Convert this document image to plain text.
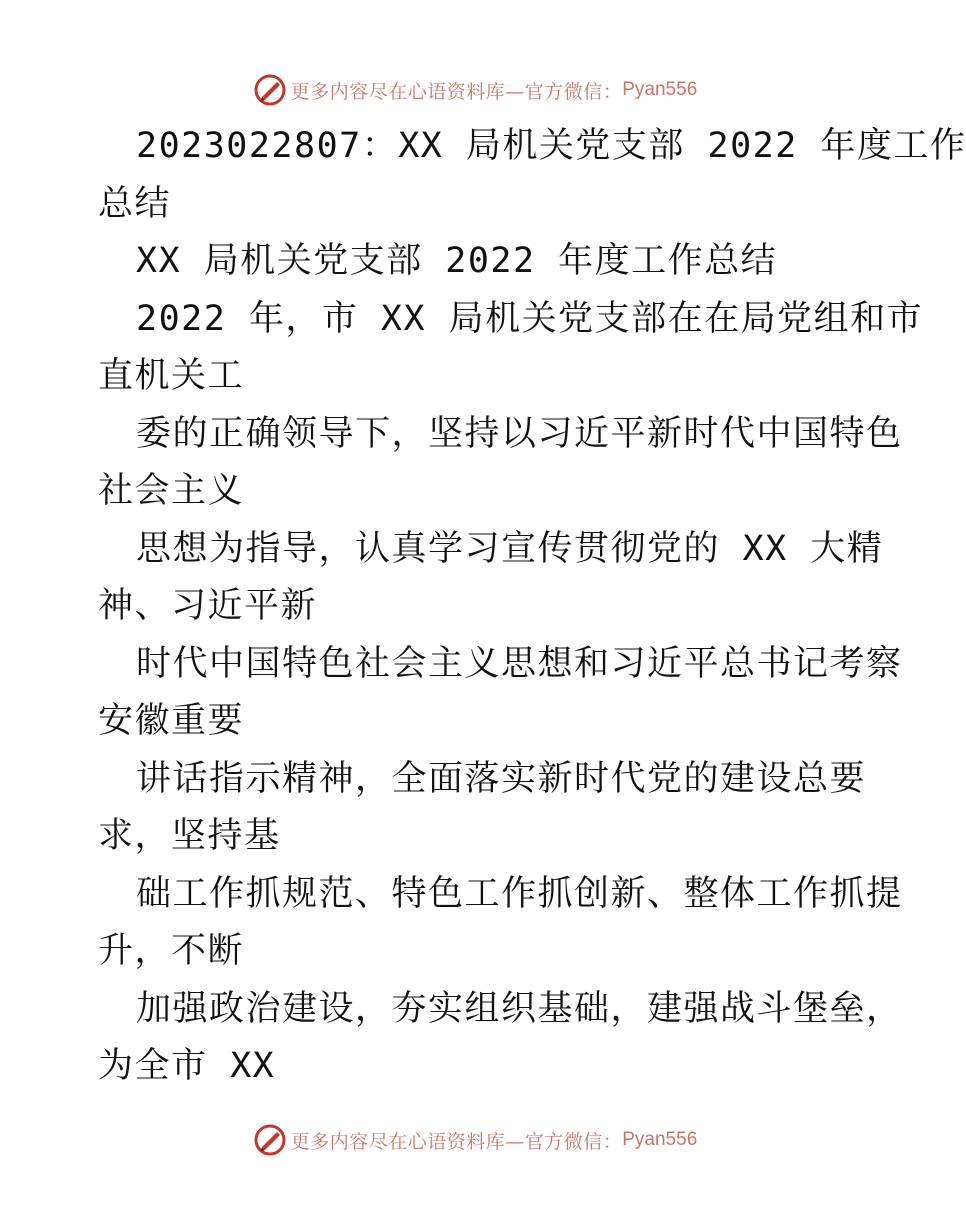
更多内容尽在心语资料库—官方微信： Pyan556
2023022807：XX 局机关党支部 2022 年度工作
总结
XX 局机关党支部 2022 年度工作总结
2022 年，市 XX 局机关党支部在在局党组和市
直机关工
委的正确领导下，坚持以习近平新时代中国特色
社会主义
思想为指导，认真学习宣传贯彻党的 XX 大精
神、习近平新
时代中国特色社会主义思想和习近平总书记考察
安徽重要
讲话指示精神，全面落实新时代党的建设总要
求，坚持基
础工作抓规范、特色工作抓创新、整体工作抓提
升，不断
加强政治建设，夯实组织基础，建强战斗堡垒，
为全市 XX
更多内容尽在心语资料库—官方微信： Pyan556
